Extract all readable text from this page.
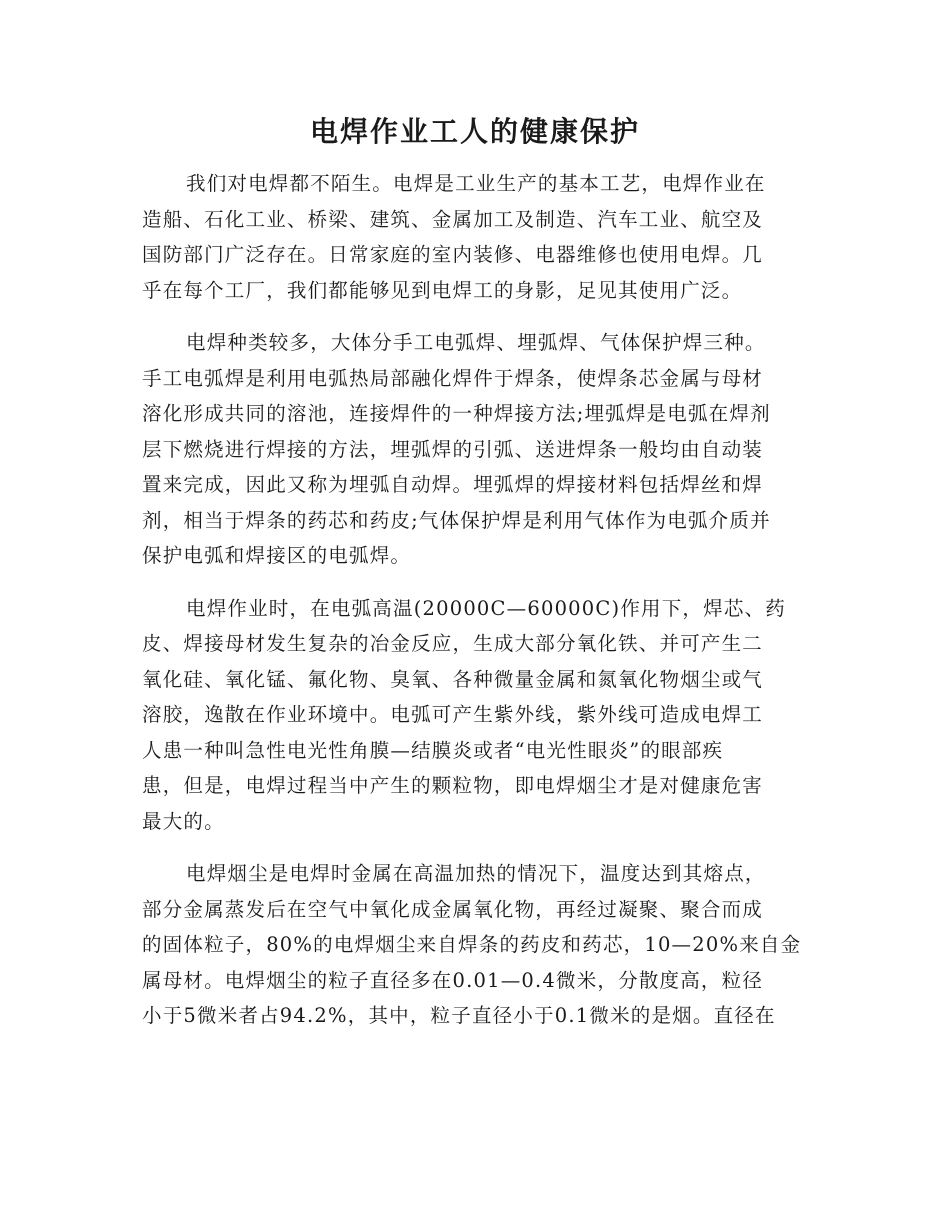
电焊作业工人的健康保护

我们对电焊都不陌生。电焊是工业生产的基本工艺，电焊作业在
造船、石化工业、桥梁、建筑、金属加工及制造、汽车工业、航空及
国防部门广泛存在。日常家庭的室内装修、电器维修也使用电焊。几
乎在每个工厂，我们都能够见到电焊工的身影，足见其使用广泛。

电焊种类较多，大体分手工电弧焊、埋弧焊、气体保护焊三种。
手工电弧焊是利用电弧热局部融化焊件于焊条，使焊条芯金属与母材
溶化形成共同的溶池，连接焊件的一种焊接方法;埋弧焊是电弧在焊剂
层下燃烧进行焊接的方法，埋弧焊的引弧、送进焊条一般均由自动装
置来完成，因此又称为埋弧自动焊。埋弧焊的焊接材料包括焊丝和焊
剂，相当于焊条的药芯和药皮;气体保护焊是利用气体作为电弧介质并
保护电弧和焊接区的电弧焊。

电焊作业时，在电弧高温(20000C—60000C)作用下，焊芯、药
皮、焊接母材发生复杂的冶金反应，生成大部分氧化铁、并可产生二
氧化硅、氧化锰、氟化物、臭氧、各种微量金属和氮氧化物烟尘或气
溶胶，逸散在作业环境中。电弧可产生紫外线，紫外线可造成电焊工
人患一种叫急性电光性角膜—结膜炎或者“电光性眼炎”的眼部疾
患，但是，电焊过程当中产生的颗粒物，即电焊烟尘才是对健康危害
最大的。

电焊烟尘是电焊时金属在高温加热的情况下，温度达到其熔点，
部分金属蒸发后在空气中氧化成金属氧化物，再经过凝聚、聚合而成
的固体粒子，80%的电焊烟尘来自焊条的药皮和药芯，10—20%来自金
属母材。电焊烟尘的粒子直径多在0.01—0.4微米，分散度高，粒径
小于5微米者占94.2%，其中，粒子直径小于0.1微米的是烟。直径在
